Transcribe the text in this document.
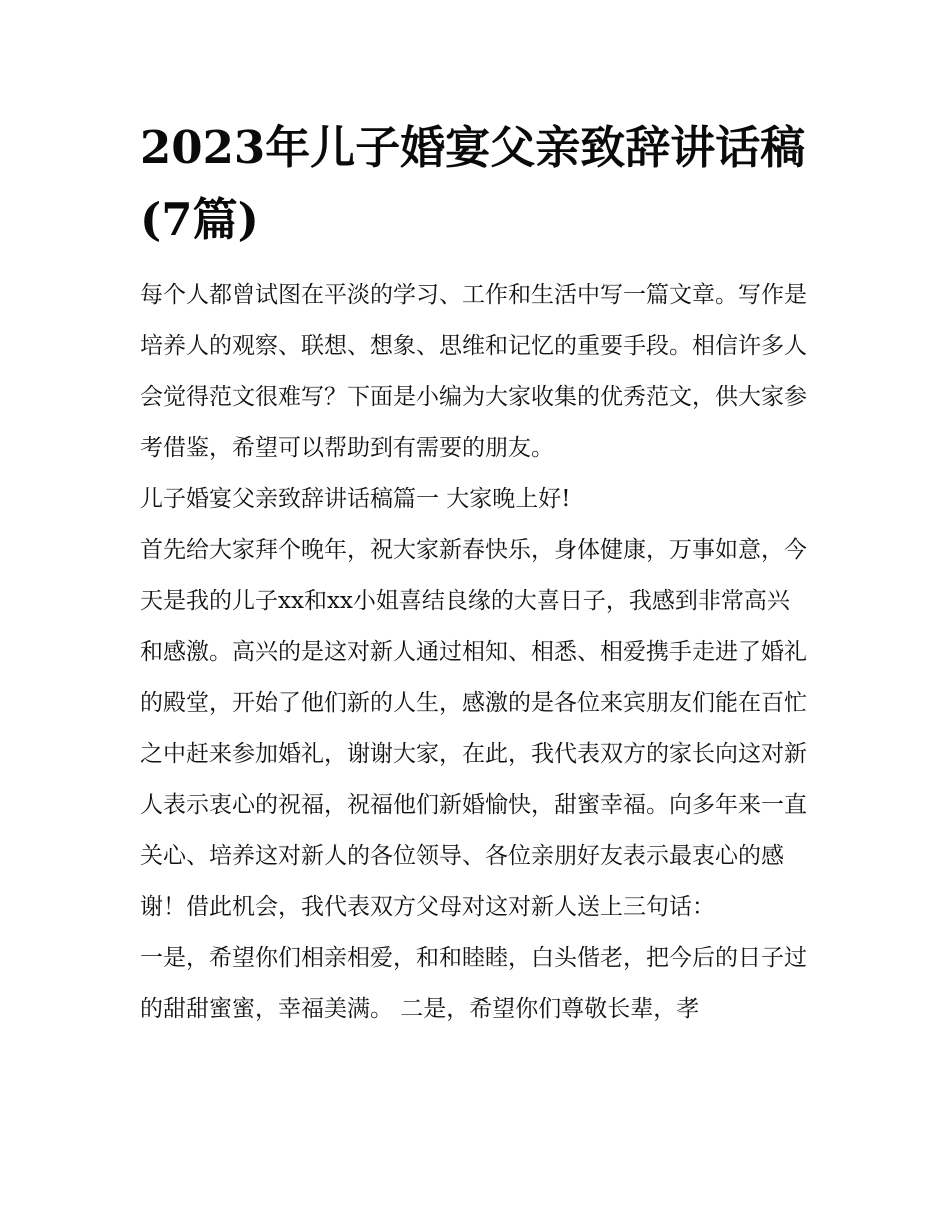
2023年儿子婚宴父亲致辞讲话稿(7篇)

每个人都曾试图在平淡的学习、工作和生活中写一篇文章。写作是培养人的观察、联想、想象、思维和记忆的重要手段。相信许多人会觉得范文很难写？下面是小编为大家收集的优秀范文，供大家参考借鉴，希望可以帮助到有需要的朋友。

儿子婚宴父亲致辞讲话稿篇一 大家晚上好!

首先给大家拜个晚年，祝大家新春快乐，身体健康，万事如意，今天是我的儿子xx和xx小姐喜结良缘的大喜日子，我感到非常高兴和感激。高兴的是这对新人通过相知、相悉、相爱携手走进了婚礼的殿堂，开始了他们新的人生，感激的是各位来宾朋友们能在百忙之中赶来参加婚礼，谢谢大家，在此，我代表双方的家长向这对新人表示衷心的祝福，祝福他们新婚愉快，甜蜜幸福。向多年来一直关心、培养这对新人的各位领导、各位亲朋好友表示最衷心的感谢！借此机会，我代表双方父母对这对新人送上三句话：

一是，希望你们相亲相爱，和和睦睦，白头偕老，把今后的日子过的甜甜蜜蜜，幸福美满。 二是，希望你们尊敬长辈，孝
